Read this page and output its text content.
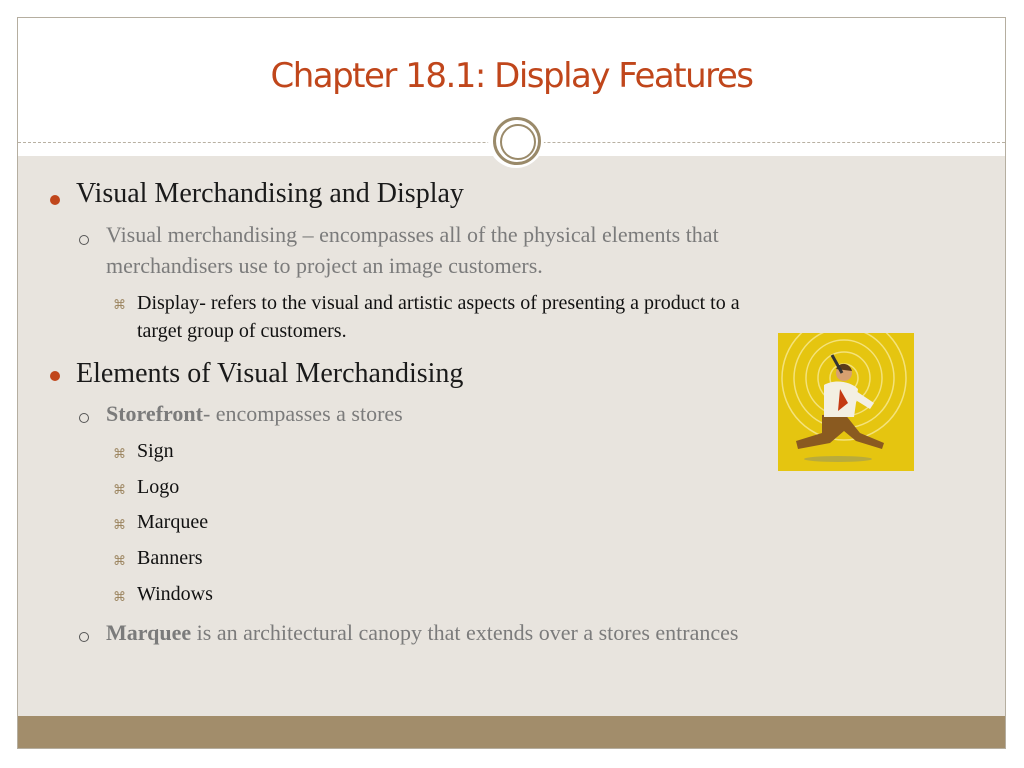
Chapter 18.1: Display Features

Visual Merchandising and Display

Visual merchandising – encompasses all of the physical elements that

merchandisers use to project an image customers.

⌘ Display- refers to the visual and artistic aspects of presenting a product to a

target group of customers.

Elements of Visual Merchandising

Storefront- encompasses a stores

⌘ Sign

⌘ Logo

⌘ Marquee

⌘ Banners

⌘ Windows

Marquee is an architectural canopy that extends over a stores entrances
